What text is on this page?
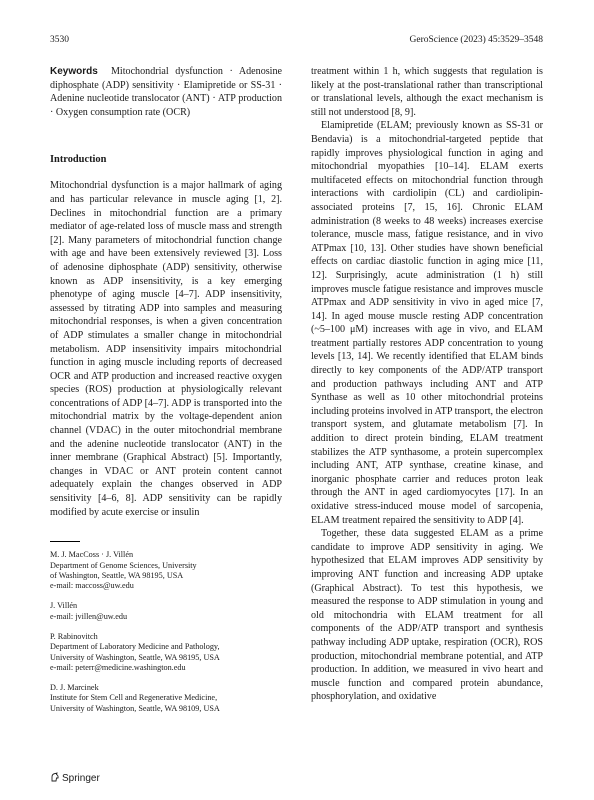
3530	GeroScience (2023) 45:3529–3548

Keywords Mitochondrial dysfunction · Adenosine diphosphate (ADP) sensitivity · Elamipretide or SS-31 · Adenine nucleotide translocator (ANT) · ATP production · Oxygen consumption rate (OCR)

Introduction

Mitochondrial dysfunction is a major hallmark of aging and has particular relevance in muscle aging [1, 2]. Declines in mitochondrial function are a primary mediator of age-related loss of muscle mass and strength [2]. Many parameters of mitochondrial function change with age and have been extensively reviewed [3]. Loss of adenosine diphosphate (ADP) sensitivity, otherwise known as ADP insensitivity, is a key emerging phenotype of aging muscle [4–7]. ADP insensitivity, assessed by titrating ADP into samples and measuring mitochondrial responses, is when a given concentration of ADP stimulates a smaller change in mitochondrial metabolism. ADP insensitivity impairs mitochondrial function in aging muscle including reports of decreased OCR and ATP production and increased reactive oxygen species (ROS) production at physiologically relevant concentrations of ADP [4–7]. ADP is transported into the mitochondrial matrix by the voltage-dependent anion channel (VDAC) in the outer mitochondrial membrane and the adenine nucleotide translocator (ANT) in the inner membrane (Graphical Abstract) [5]. Importantly, changes in VDAC or ANT protein content cannot adequately explain the changes observed in ADP sensitivity [4–6, 8]. ADP sensitivity can be rapidly modified by acute exercise or insulin

M. J. MacCoss · J. Villén
Department of Genome Sciences, University
of Washington, Seattle, WA 98195, USA
e-mail: maccoss@uw.edu
J. Villén
e-mail: jvillen@uw.edu
P. Rabinovitch
Department of Laboratory Medicine and Pathology,
University of Washington, Seattle, WA 98195, USA
e-mail: peterr@medicine.washington.edu
D. J. Marcinek
Institute for Stem Cell and Regenerative Medicine,
University of Washington, Seattle, WA 98109, USA

treatment within 1 h, which suggests that regulation is likely at the post-translational rather than transcriptional or translational levels, although the exact mechanism is still not understood [8, 9].

Elamipretide (ELAM; previously known as SS-31 or Bendavia) is a mitochondrial-targeted peptide that rapidly improves physiological function in aging and mitochondrial myopathies [10–14]. ELAM exerts multifaceted effects on mitochondrial function through interactions with cardiolipin (CL) and cardiolipin-associated proteins [7, 15, 16]. Chronic ELAM administration (8 weeks to 48 weeks) increases exercise tolerance, muscle mass, fatigue resistance, and in vivo ATPmax [10, 13]. Other studies have shown beneficial effects on cardiac diastolic function in aging mice [11, 12]. Surprisingly, acute administration (1 h) still improves muscle fatigue resistance and improves muscle ATPmax and ADP sensitivity in vivo in aged mice [7, 14]. In aged mouse muscle resting ADP concentration (~5–100 μM) increases with age in vivo, and ELAM treatment partially restores ADP concentration to young levels [13, 14]. We recently identified that ELAM binds directly to key components of the ADP/ATP transport and production pathways including ANT and ATP Synthase as well as 10 other mitochondrial proteins including proteins involved in ATP transport, the electron transport system, and glutamate metabolism [7]. In addition to direct protein binding, ELAM treatment stabilizes the ATP synthasome, a protein supercomplex including ANT, ATP synthase, creatine kinase, and inorganic phosphate carrier and reduces proton leak through the ANT in aged cardiomyocytes [17]. In an oxidative stress-induced mouse model of sarcopenia, ELAM treatment repaired the sensitivity to ADP [4].

Together, these data suggested ELAM as a prime candidate to improve ADP sensitivity in aging. We hypothesized that ELAM improves ADP sensitivity by improving ANT function and increasing ADP uptake (Graphical Abstract). To test this hypothesis, we measured the response to ADP stimulation in young and old mitochondria with ELAM treatment for all components of the ADP/ATP transport and synthesis pathway including ADP uptake, respiration (OCR), ROS production, mitochondrial membrane potential, and ATP production. In addition, we measured in vivo heart and muscle function and compared protein abundance, phosphorylation, and oxidative

Springer
